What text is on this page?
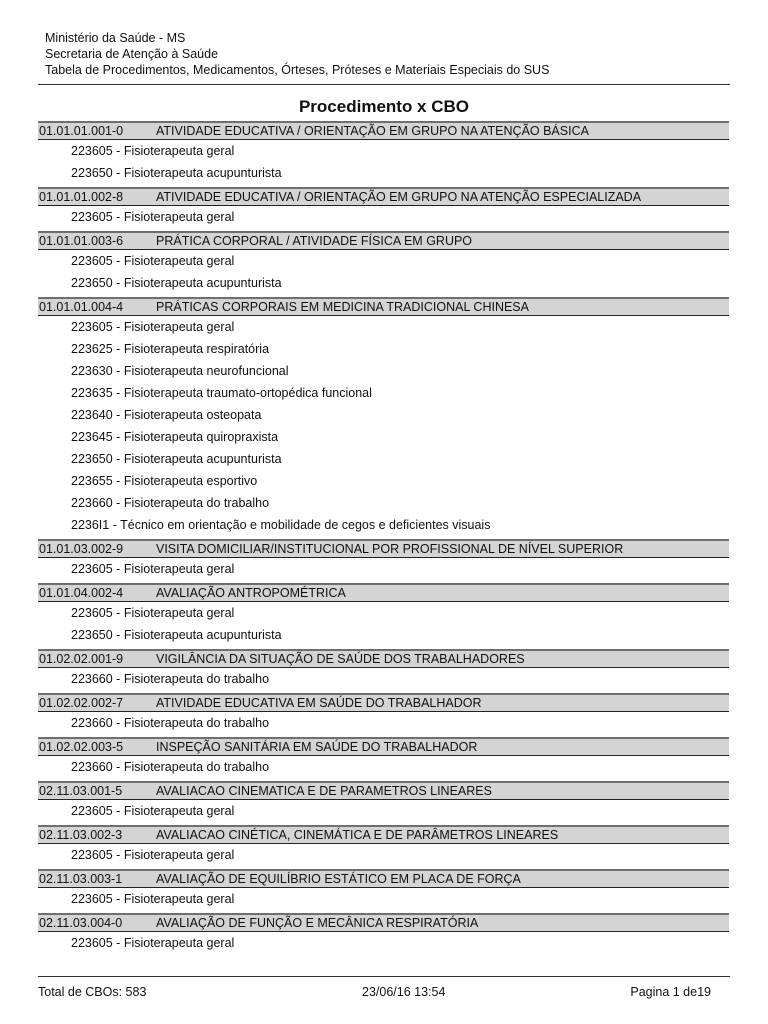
Ministério da Saúde - MS
Secretaria de Atenção à Saúde
Tabela de Procedimentos, Medicamentos, Órteses, Próteses e Materiais Especiais do SUS
Procedimento x CBO
01.01.01.001-0	ATIVIDADE EDUCATIVA / ORIENTAÇÃO EM GRUPO NA ATENÇÃO BÁSICA
223605 - Fisioterapeuta geral
223650 - Fisioterapeuta acupunturista
01.01.01.002-8	ATIVIDADE EDUCATIVA / ORIENTAÇÃO EM GRUPO NA ATENÇÃO ESPECIALIZADA
223605 - Fisioterapeuta geral
01.01.01.003-6	PRÁTICA CORPORAL / ATIVIDADE FÍSICA EM GRUPO
223605 - Fisioterapeuta geral
223650 - Fisioterapeuta acupunturista
01.01.01.004-4	PRÁTICAS CORPORAIS EM MEDICINA TRADICIONAL CHINESA
223605 - Fisioterapeuta geral
223625 - Fisioterapeuta respiratória
223630 - Fisioterapeuta neurofuncional
223635 - Fisioterapeuta traumato-ortopédica funcional
223640 - Fisioterapeuta osteopata
223645 - Fisioterapeuta quiropraxista
223650 - Fisioterapeuta acupunturista
223655 - Fisioterapeuta esportivo
223660 - Fisioterapeuta do trabalho
2236I1 - Técnico em orientação e mobilidade de cegos e deficientes visuais
01.01.03.002-9	VISITA DOMICILIAR/INSTITUCIONAL POR PROFISSIONAL DE NÍVEL SUPERIOR
223605 - Fisioterapeuta geral
01.01.04.002-4	AVALIAÇÃO ANTROPOMÉTRICA
223605 - Fisioterapeuta geral
223650 - Fisioterapeuta acupunturista
01.02.02.001-9	VIGILÂNCIA DA SITUAÇÃO DE SAÚDE DOS TRABALHADORES
223660 - Fisioterapeuta do trabalho
01.02.02.002-7	ATIVIDADE EDUCATIVA EM SAÚDE DO TRABALHADOR
223660 - Fisioterapeuta do trabalho
01.02.02.003-5	INSPEÇÃO SANITÁRIA EM SAÚDE DO TRABALHADOR
223660 - Fisioterapeuta do trabalho
02.11.03.001-5	AVALIACAO CINEMATICA E DE PARAMETROS LINEARES
223605 - Fisioterapeuta geral
02.11.03.002-3	AVALIACAO CINÉTICA, CINEMÁTICA E DE PARÂMETROS LINEARES
223605 - Fisioterapeuta geral
02.11.03.003-1	AVALIAÇÃO DE EQUILÍBRIO ESTÁTICO EM PLACA DE FORÇA
223605 - Fisioterapeuta geral
02.11.03.004-0	AVALIAÇÃO DE FUNÇÃO E MECÂNICA RESPIRATÓRIA
223605 - Fisioterapeuta geral
Total de CBOs: 583	23/06/16 13:54	Pagina 1 de19
